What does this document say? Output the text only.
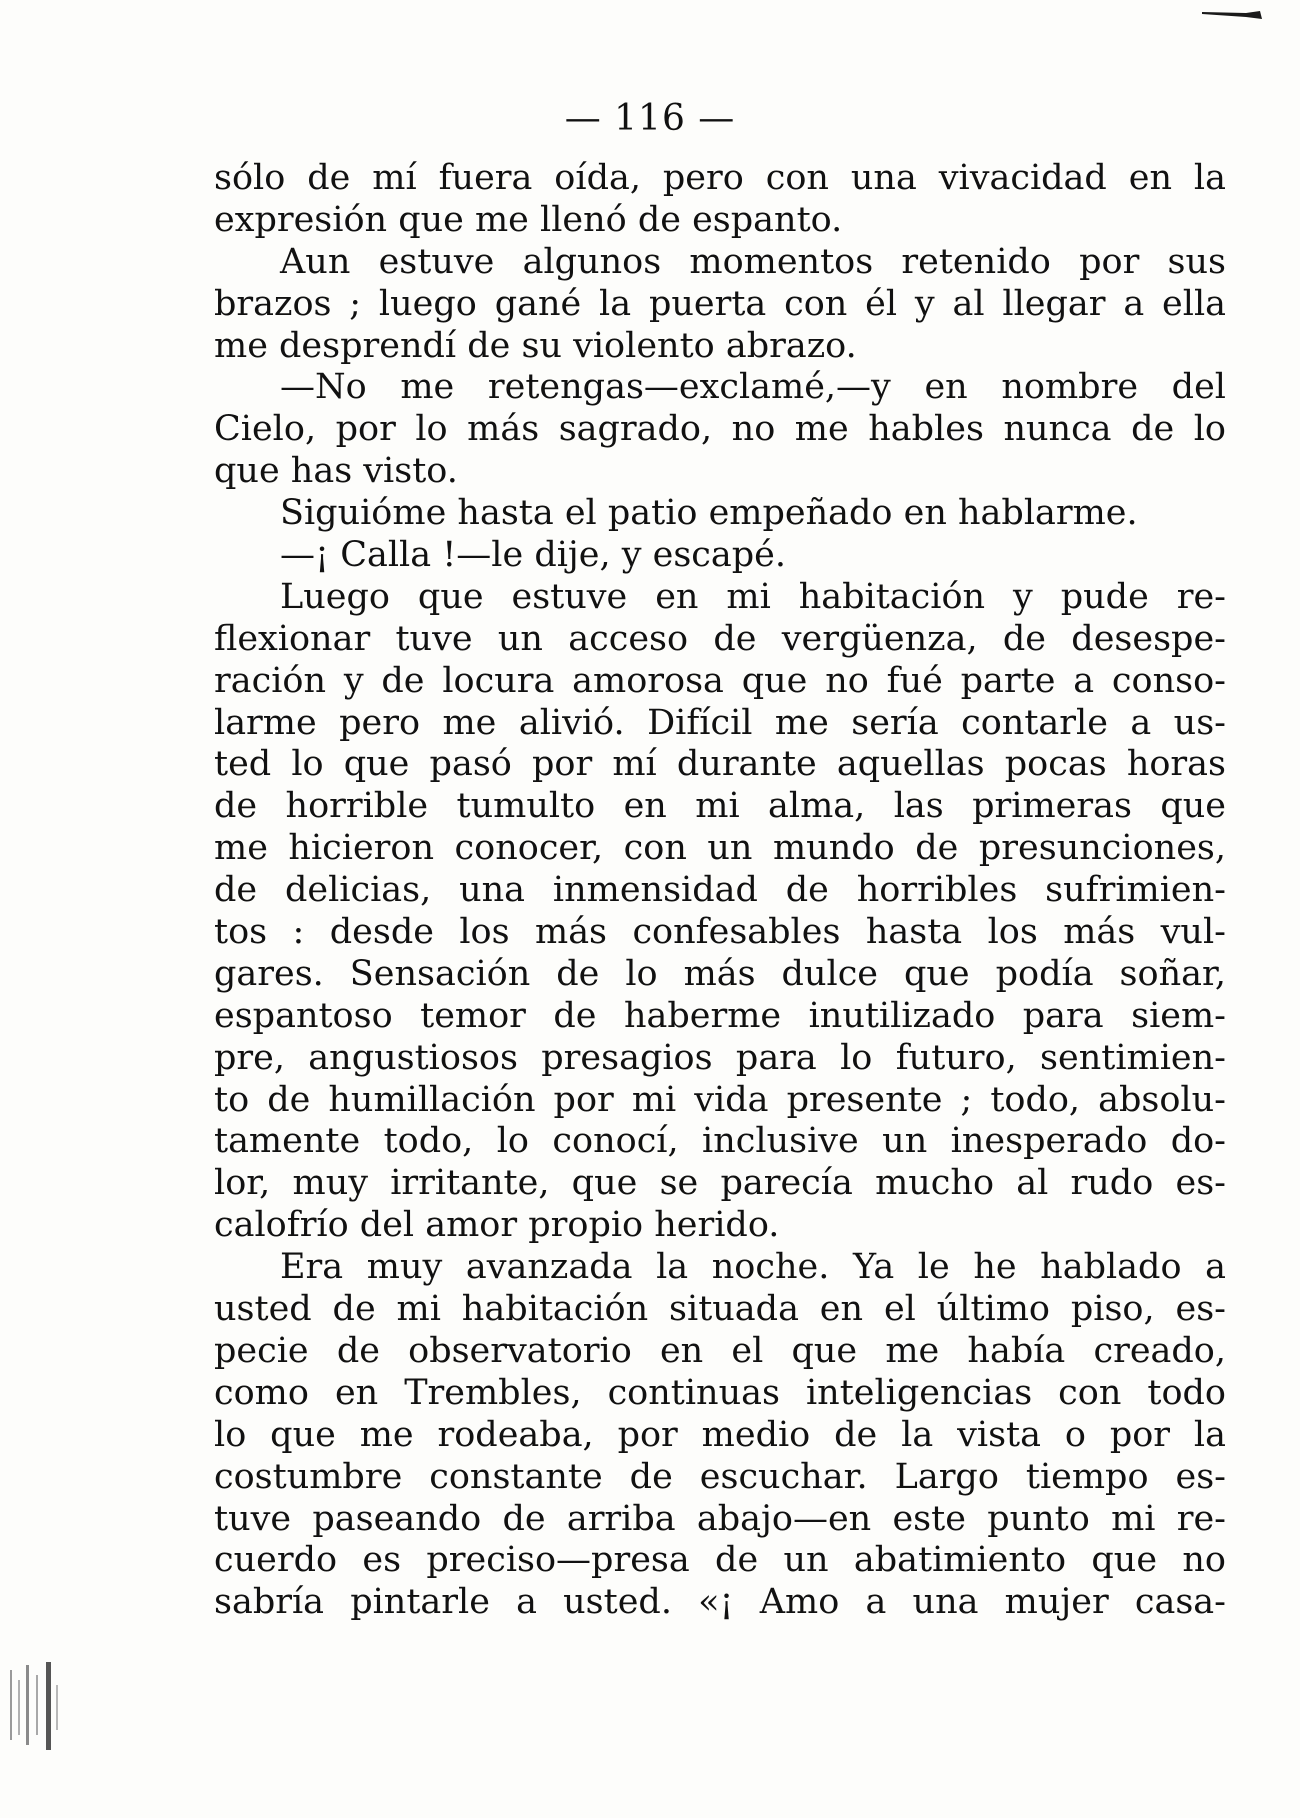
— 116 —
sólo de mí fuera oída, pero con una vivacidad en la
expresión que me llenó de espanto.
Aun estuve algunos momentos retenido por sus
brazos ; luego gané la puerta con él y al llegar a ella
me desprendí de su violento abrazo.
—No me retengas—exclamé,—y en nombre del
Cielo, por lo más sagrado, no me hables nunca de lo
que has visto.
Siguióme hasta el patio empeñado en hablarme.
—¡ Calla !—le dije, y escapé.
Luego que estuve en mi habitación y pude re-
flexionar tuve un acceso de vergüenza, de desespe-
ración y de locura amorosa que no fué parte a conso-
larme pero me alivió. Difícil me sería contarle a us-
ted lo que pasó por mí durante aquellas pocas horas
de horrible tumulto en mi alma, las primeras que
me hicieron conocer, con un mundo de presunciones,
de delicias, una inmensidad de horribles sufrimien-
tos : desde los más confesables hasta los más vul-
gares. Sensación de lo más dulce que podía soñar,
espantoso temor de haberme inutilizado para siem-
pre, angustiosos presagios para lo futuro, sentimien-
to de humillación por mi vida presente ; todo, absolu-
tamente todo, lo conocí, inclusive un inesperado do-
lor, muy irritante, que se parecía mucho al rudo es-
calofrío del amor propio herido.
Era muy avanzada la noche. Ya le he hablado a
usted de mi habitación situada en el último piso, es-
pecie de observatorio en el que me había creado,
como en Trembles, continuas inteligencias con todo
lo que me rodeaba, por medio de la vista o por la
costumbre constante de escuchar. Largo tiempo es-
tuve paseando de arriba abajo—en este punto mi re-
cuerdo es preciso—presa de un abatimiento que no
sabría pintarle a usted. «¡ Amo a una mujer casa-
